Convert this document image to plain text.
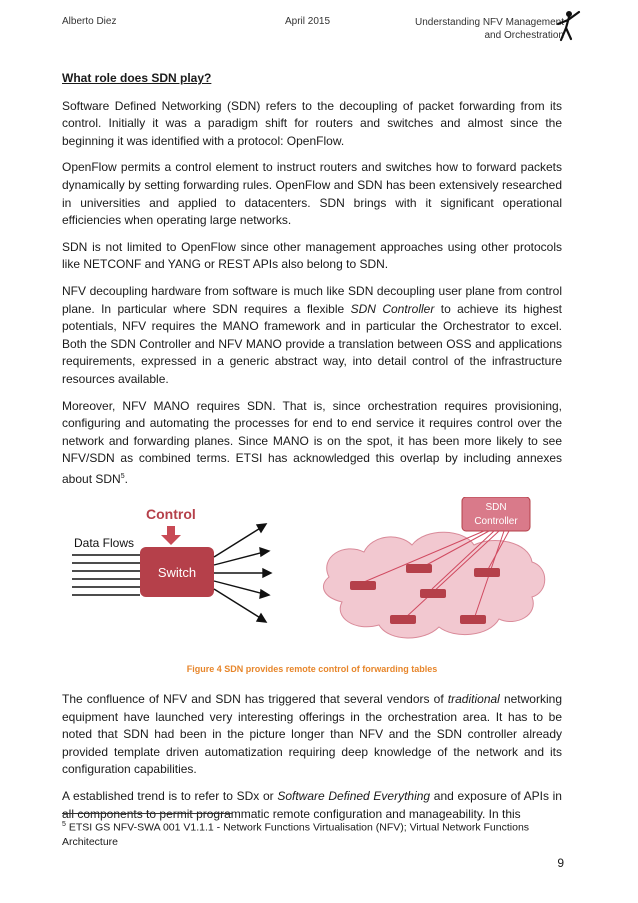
Alberto Diez	April 2015	Understanding NFV Management
and Orchestration
What role does SDN play?

Software Defined Networking (SDN) refers to the decoupling of packet forwarding from its control. Initially it was a paradigm shift for routers and switches and almost since the beginning it was identified with a protocol: OpenFlow.

OpenFlow permits a control element to instruct routers and switches how to forward packets dynamically by setting forwarding rules. OpenFlow and SDN has been extensively researched in universities and applied to datacenters. SDN brings with it significant operational efficiencies when operating large networks.

SDN is not limited to OpenFlow since other management approaches using other protocols like NETCONF and YANG or REST APIs also belong to SDN.

NFV decoupling hardware from software is much like SDN decoupling user plane from control plane. In particular where SDN requires a flexible SDN Controller to achieve its highest potentials, NFV requires the MANO framework and in particular the Orchestrator to excel. Both the SDN Controller and NFV MANO provide a translation between OSS and applications requirements, expressed in a generic abstract way, into detail control of the infrastructure resources available.

Moreover, NFV MANO requires SDN. That is, since orchestration requires provisioning, configuring and automating the processes for end to end service it requires control over the network and forwarding planes. Since MANO is on the spot, it has been more likely to see NFV/SDN as combined terms. ETSI has acknowledged this overlap by including annexes about SDN$^5$.

Control
Data Flows
Switch
SDN
Controller
Figure 4 SDN provides remote control of forwarding tables

The confluence of NFV and SDN has triggered that several vendors of traditional networking equipment have launched very interesting offerings in the orchestration area. It has to be noted that SDN had been in the picture longer than NFV and the SDN controller already provided template driven automatization requiring deep knowledge of the network and its configuration capabilities.

A established trend is to refer to SDx or Software Defined Everything and exposure of APIs in all components to permit programmatic remote configuration and manageability. In this

$^5$ ETSI GS NFV-SWA 001 V1.1.1 - Network Functions Virtualisation (NFV); Virtual Network Functions Architecture
9
